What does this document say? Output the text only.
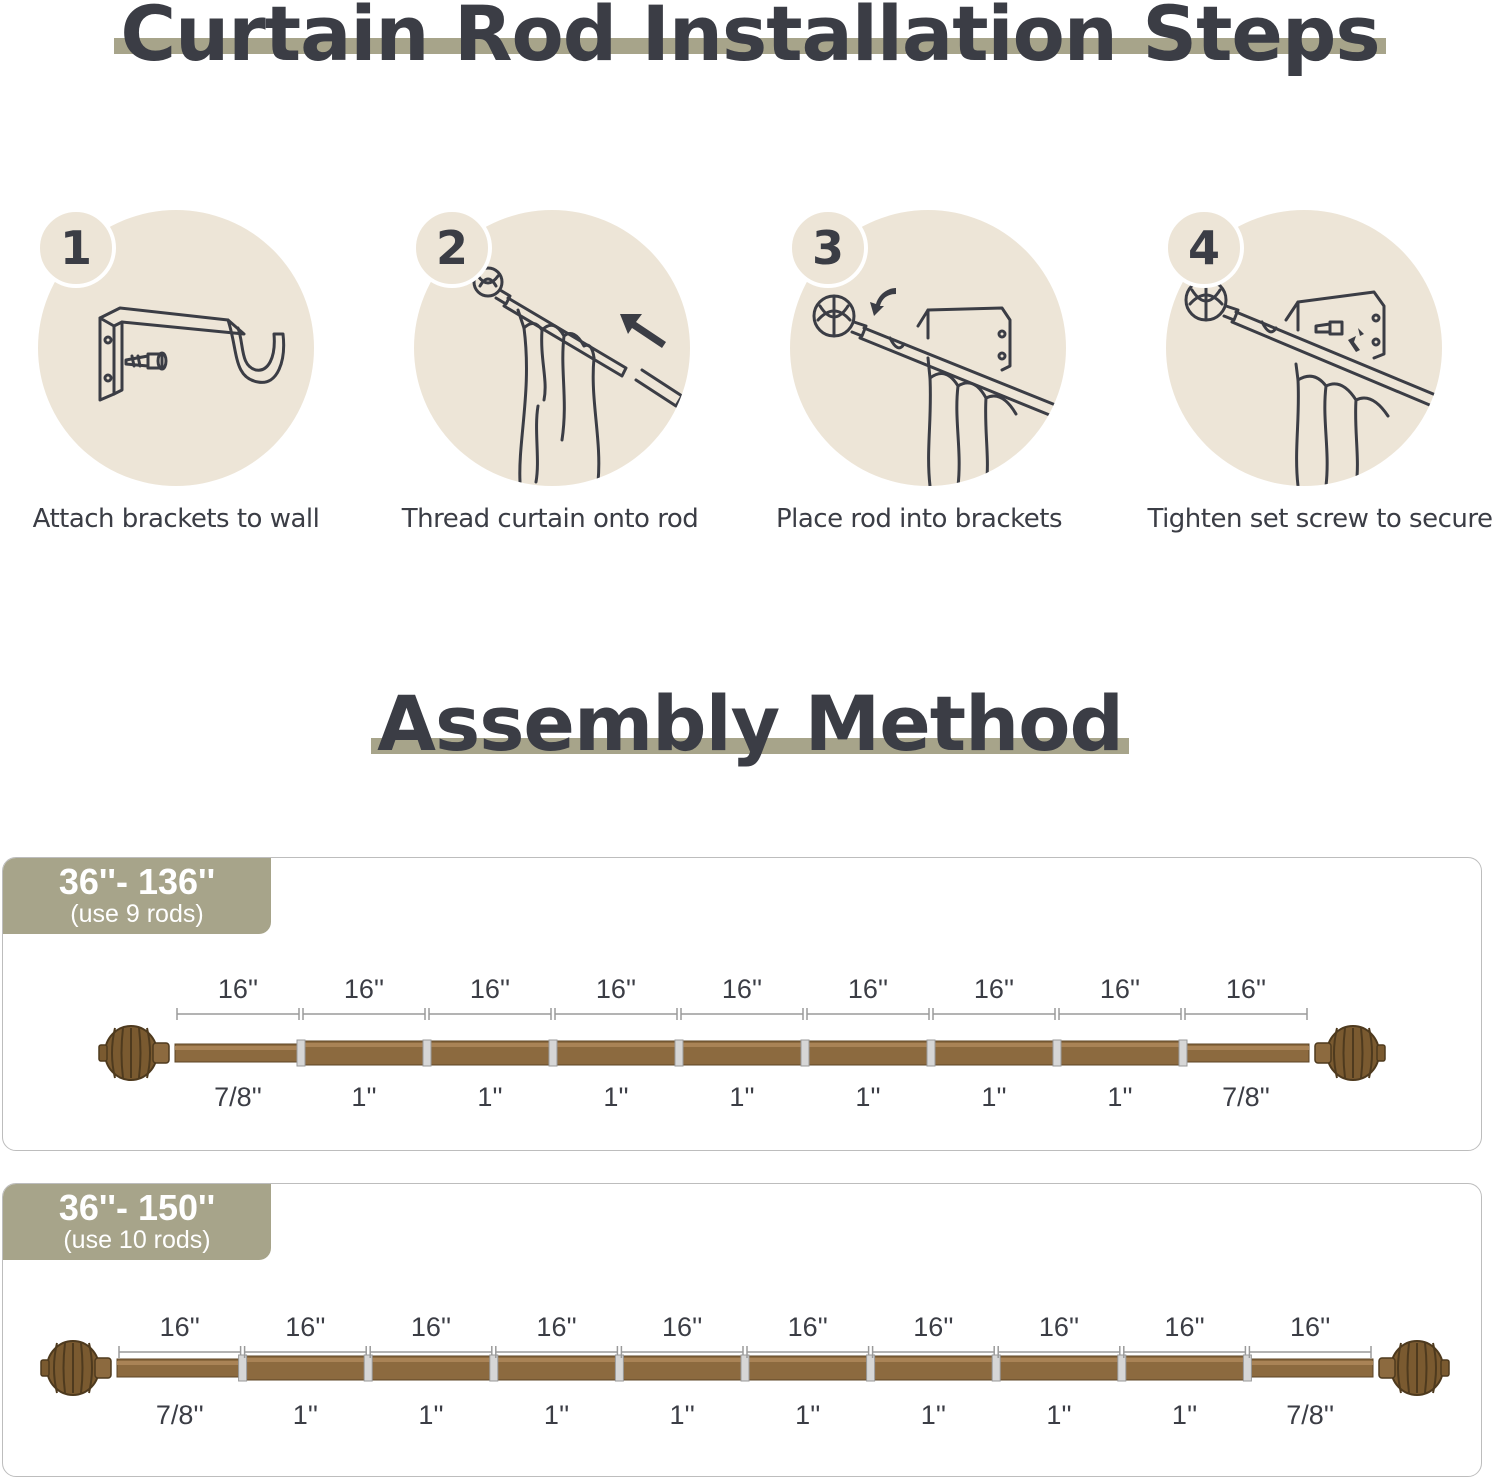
Curtain Rod Installation Steps
1	2	3	4
Attach brackets to wall	Thread curtain onto rod	Place rod into brackets	Tighten set screw to secure
Assembly Method
36''- 136''
(use 9 rods)
16''
7/8''
16''
1''
16''
1''
16''
1''
16''
1''
16''
1''
16''
1''
16''
1''
16''
7/8''
36''- 150''
(use 10 rods)
16''
7/8''
16''
1''
16''
1''
16''
1''
16''
1''
16''
1''
16''
1''
16''
1''
16''
1''
16''
7/8''
